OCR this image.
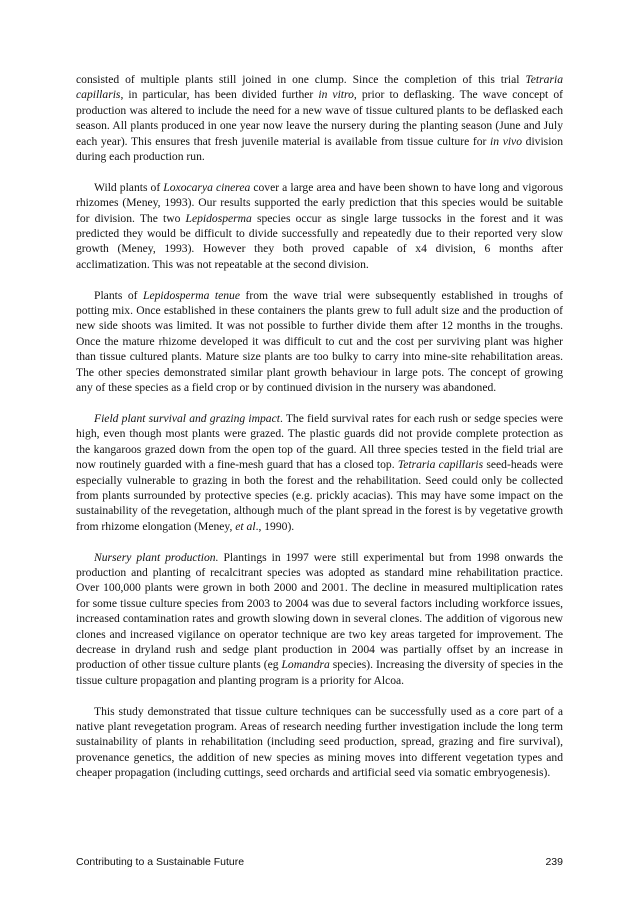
consisted of multiple plants still joined in one clump. Since the completion of this trial Tetraria capillaris, in particular, has been divided further in vitro, prior to deflasking. The wave concept of production was altered to include the need for a new wave of tissue cultured plants to be deflasked each season. All plants produced in one year now leave the nursery during the planting season (June and July each year). This ensures that fresh juvenile material is available from tissue culture for in vivo division during each production run.

Wild plants of Loxocarya cinerea cover a large area and have been shown to have long and vigorous rhizomes (Meney, 1993). Our results supported the early prediction that this species would be suitable for division. The two Lepidosperma species occur as single large tussocks in the forest and it was predicted they would be difficult to divide successfully and repeatedly due to their reported very slow growth (Meney, 1993). However they both proved capable of x4 division, 6 months after acclimatization. This was not repeatable at the second division.

Plants of Lepidosperma tenue from the wave trial were subsequently established in troughs of potting mix. Once established in these containers the plants grew to full adult size and the production of new side shoots was limited. It was not possible to further divide them after 12 months in the troughs. Once the mature rhizome developed it was difficult to cut and the cost per surviving plant was higher than tissue cultured plants. Mature size plants are too bulky to carry into mine-site rehabilitation areas. The other species demonstrated similar plant growth behaviour in large pots. The concept of growing any of these species as a field crop or by continued division in the nursery was abandoned.

Field plant survival and grazing impact. The field survival rates for each rush or sedge species were high, even though most plants were grazed. The plastic guards did not provide complete protection as the kangaroos grazed down from the open top of the guard. All three species tested in the field trial are now routinely guarded with a fine-mesh guard that has a closed top. Tetraria capillaris seed-heads were especially vulnerable to grazing in both the forest and the rehabilitation. Seed could only be collected from plants surrounded by protective species (e.g. prickly acacias). This may have some impact on the sustainability of the revegetation, although much of the plant spread in the forest is by vegetative growth from rhizome elongation (Meney, et al., 1990).

Nursery plant production. Plantings in 1997 were still experimental but from 1998 onwards the production and planting of recalcitrant species was adopted as standard mine rehabilitation practice. Over 100,000 plants were grown in both 2000 and 2001. The decline in measured multiplication rates for some tissue culture species from 2003 to 2004 was due to several factors including workforce issues, increased contamination rates and growth slowing down in several clones. The addition of vigorous new clones and increased vigilance on operator technique are two key areas targeted for improvement. The decrease in dryland rush and sedge plant production in 2004 was partially offset by an increase in production of other tissue culture plants (eg Lomandra species). Increasing the diversity of species in the tissue culture propagation and planting program is a priority for Alcoa.

This study demonstrated that tissue culture techniques can be successfully used as a core part of a native plant revegetation program. Areas of research needing further investigation include the long term sustainability of plants in rehabilitation (including seed production, spread, grazing and fire survival), provenance genetics, the addition of new species as mining moves into different vegetation types and cheaper propagation (including cuttings, seed orchards and artificial seed via somatic embryogenesis).

Contributing to a Sustainable Future	239
